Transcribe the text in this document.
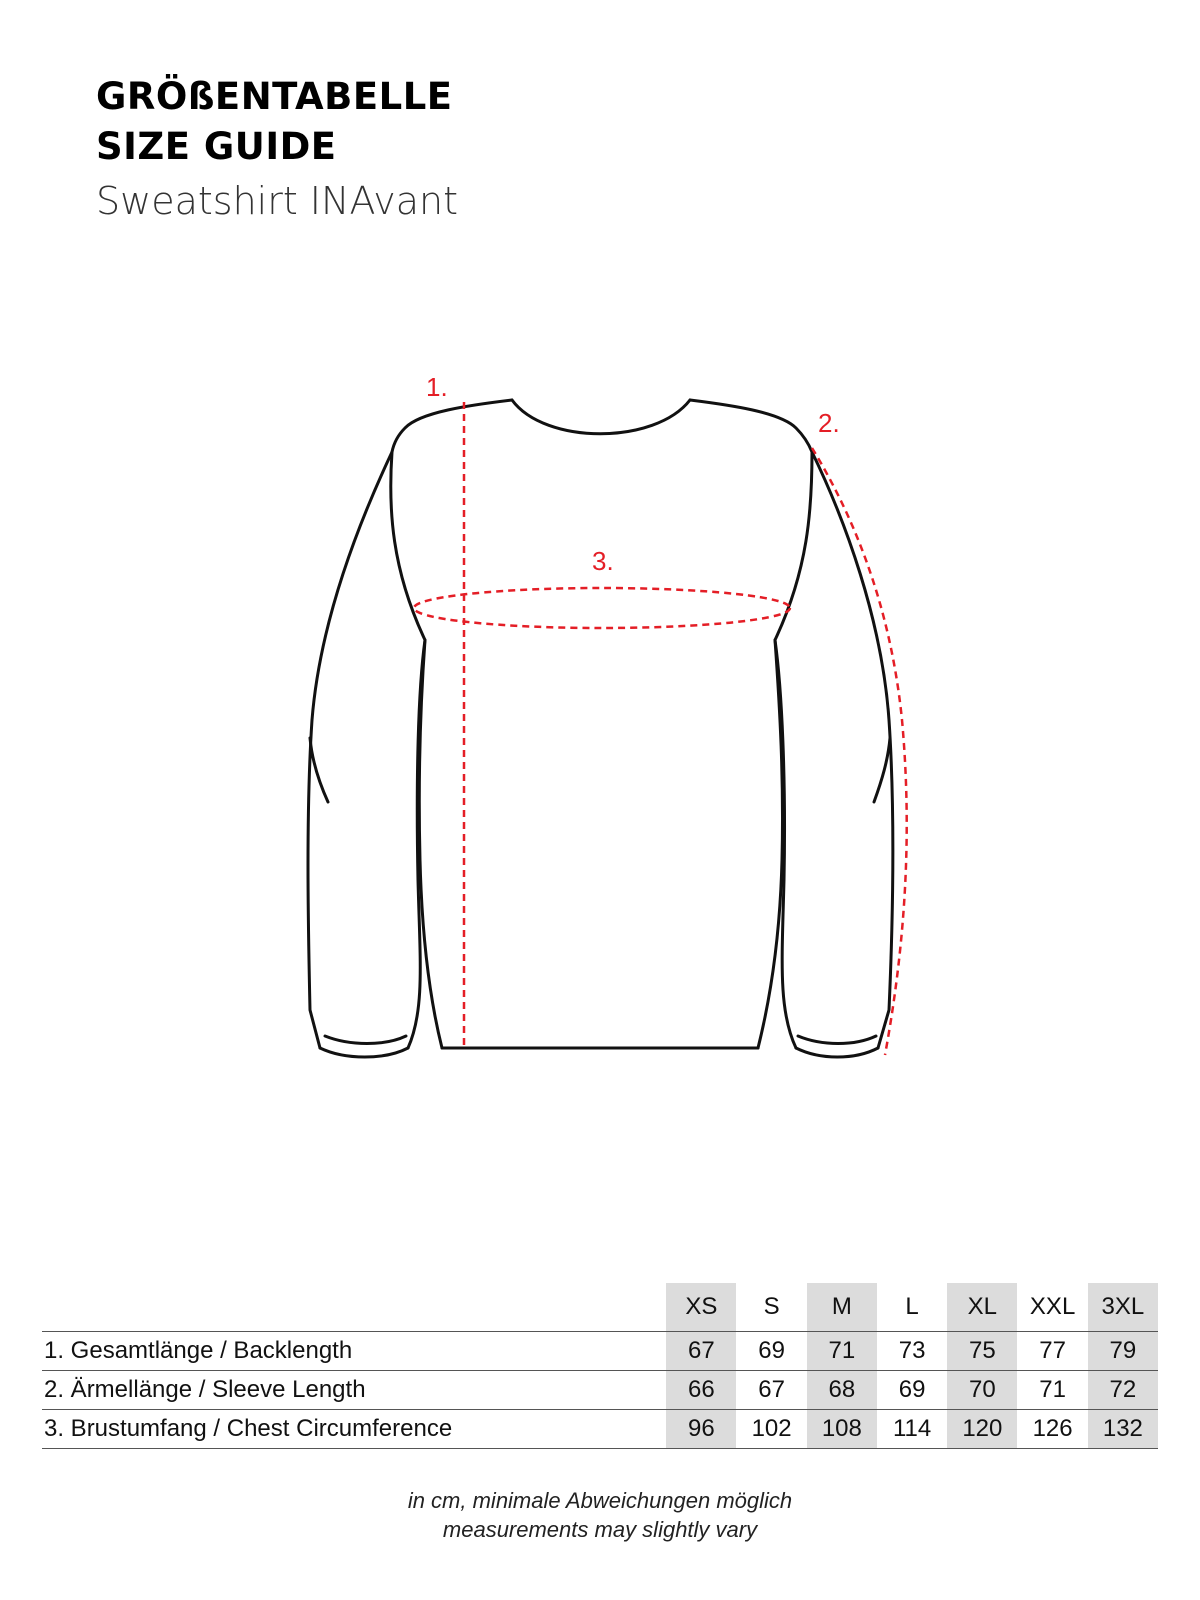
GRÖßENTABELLE
SIZE GUIDE
Sweatshirt INAvant
1.
2.
3.
	XS	S	M	L	XL	XXL	3XL
1. Gesamtlänge / Backlength	67	69	71	73	75	77	79
2. Ärmellänge / Sleeve Length	66	67	68	69	70	71	72
3. Brustumfang / Chest Circumference	96	102	108	114	120	126	132
in cm, minimale Abweichungen möglich
measurements may slightly vary
